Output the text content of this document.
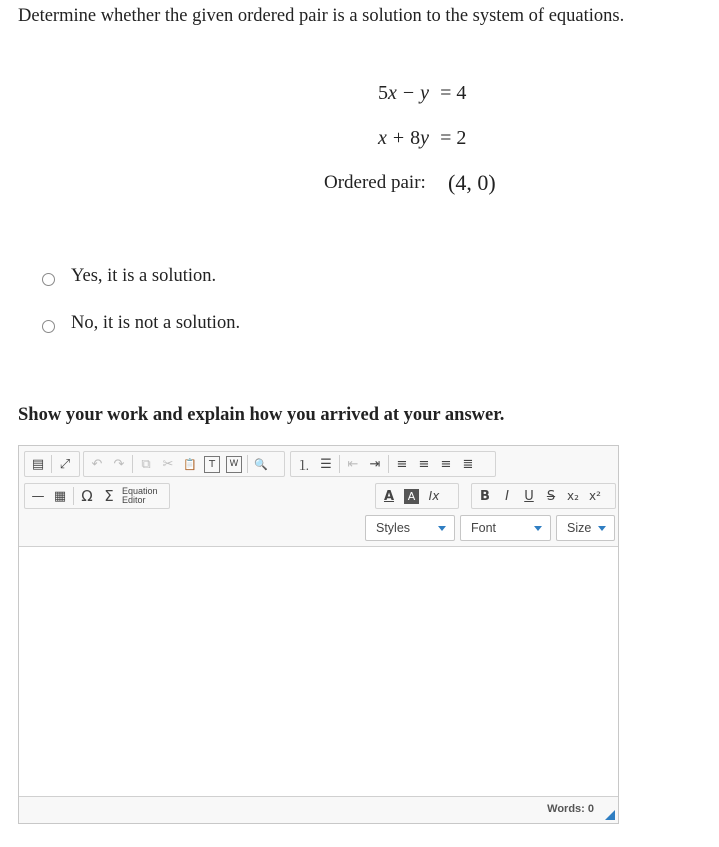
Determine whether the given ordered pair is a solution to the system of equations.
5x − y = 4
x + 8y = 2
Ordered pair: (4, 0)
Yes, it is a solution.
No, it is not a solution.
Show your work and explain how you arrived at your answer.
▤	⤢	↶ ↷	⧉ ✂ 📋	T	W	🔍	⒈ ☰	⇤ ⇥	≡ ≡ ≡ ≣
— ▦	Ω Σ Equation
Editor	A	A	Ix	B	I	U	S x₂ x²
Styles	Font	Size
Words: 0
